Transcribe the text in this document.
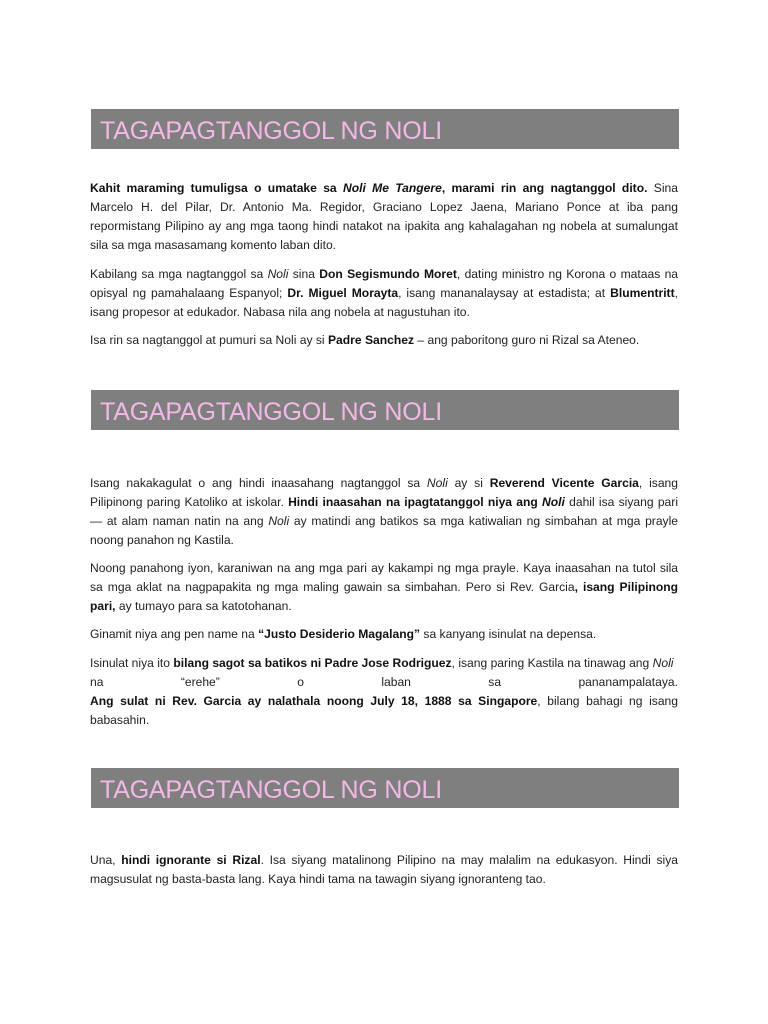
TAGAPAGTANGGOL NG NOLI

Kahit maraming tumuligsa o umatake sa Noli Me Tangere, marami rin ang nagtanggol dito. Sina Marcelo H. del Pilar, Dr. Antonio Ma. Regidor, Graciano Lopez Jaena, Mariano Ponce at iba pang repormistang Pilipino ay ang mga taong hindi natakot na ipakita ang kahalagahan ng nobela at sumalungat sila sa mga masasamang komento laban dito.

Kabilang sa mga nagtanggol sa Noli sina Don Segismundo Moret, dating ministro ng Korona o mataas na opisyal ng pamahalaang Espanyol; Dr. Miguel Morayta, isang mananalaysay at estadista; at Blumentritt, isang propesor at edukador. Nabasa nila ang nobela at nagustuhan ito.

Isa rin sa nagtanggol at pumuri sa Noli ay si Padre Sanchez – ang paboritong guro ni Rizal sa Ateneo.

TAGAPAGTANGGOL NG NOLI

Isang nakakagulat o ang hindi inaasahang nagtanggol sa Noli ay si Reverend Vicente Garcia, isang Pilipinong paring Katoliko at iskolar. Hindi inaasahan na ipagtatanggol niya ang Noli dahil isa siyang pari — at alam naman natin na ang Noli ay matindi ang batikos sa mga katiwalian ng simbahan at mga prayle noong panahon ng Kastila.

Noong panahong iyon, karaniwan na ang mga pari ay kakampi ng mga prayle. Kaya inaasahan na tutol sila sa mga aklat na nagpapakita ng mga maling gawain sa simbahan. Pero si Rev. Garcia, isang Pilipinong pari, ay tumayo para sa katotohanan.

Ginamit niya ang pen name na “Justo Desiderio Magalang” sa kanyang isinulat na depensa.

Isinulat niya ito bilang sagot sa batikos ni Padre Jose Rodriguez, isang paring Kastila na tinawag ang Noli
na	“erehe”	o	laban	sa	pananampalataya.
Ang sulat ni Rev. Garcia ay nalathala noong July 18, 1888 sa Singapore, bilang bahagi ng isang babasahin.
TAGAPAGTANGGOL NG NOLI

Una, hindi ignorante si Rizal. Isa siyang matalinong Pilipino na may malalim na edukasyon. Hindi siya magsusulat ng basta-basta lang. Kaya hindi tama na tawagin siyang ignoranteng tao.
